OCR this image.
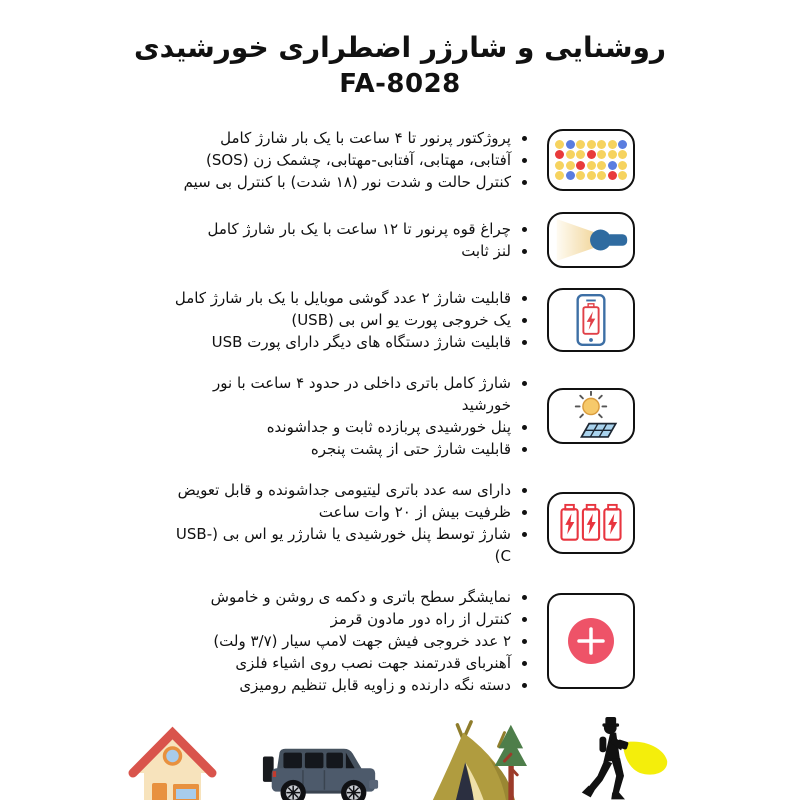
روشنایی و شارژر اضطراری خورشیدی
FA-8028
• پروژکتور پرنور تا ۴ ساعت با یک بار شارژ کامل
• آفتابی، مهتابی، آفتابی-مهتابی، چشمک زن (SOS)
• کنترل حالت و شدت نور (۱۸ شدت) با کنترل بی سیم
• چراغ قوه پرنور تا ۱۲ ساعت با یک بار شارژ کامل
• لنز ثابت
• قابلیت شارژ ۲ عدد گوشی موبایل با یک بار شارژ کامل
• یک خروجی پورت یو اس بی (USB)
• قابلیت شارژ دستگاه های دیگر دارای پورت USB
• شارژ کامل باتری داخلی در حدود ۴ ساعت با نور خورشید
• پنل خورشیدی پربازده ثابت و جداشونده
• قابلیت شارژ حتی از پشت پنجره
• دارای سه عدد باتری لیتیومی جداشونده و قابل تعویض
• ظرفیت بیش از ۲۰ وات ساعت
• شارژ توسط پنل خورشیدی یا شارژر یو اس بی (USB-C)
• نمایشگر سطح باتری و دکمه ی روشن و خاموش
• کنترل از راه دور مادون قرمز
• ۲ عدد خروجی فیش جهت لامپ سیار (۳/۷ ولت)
• آهنربای قدرتمند جهت نصب روی اشیاء فلزی
• دسته نگه دارنده و زاویه قابل تنظیم رومیزی
